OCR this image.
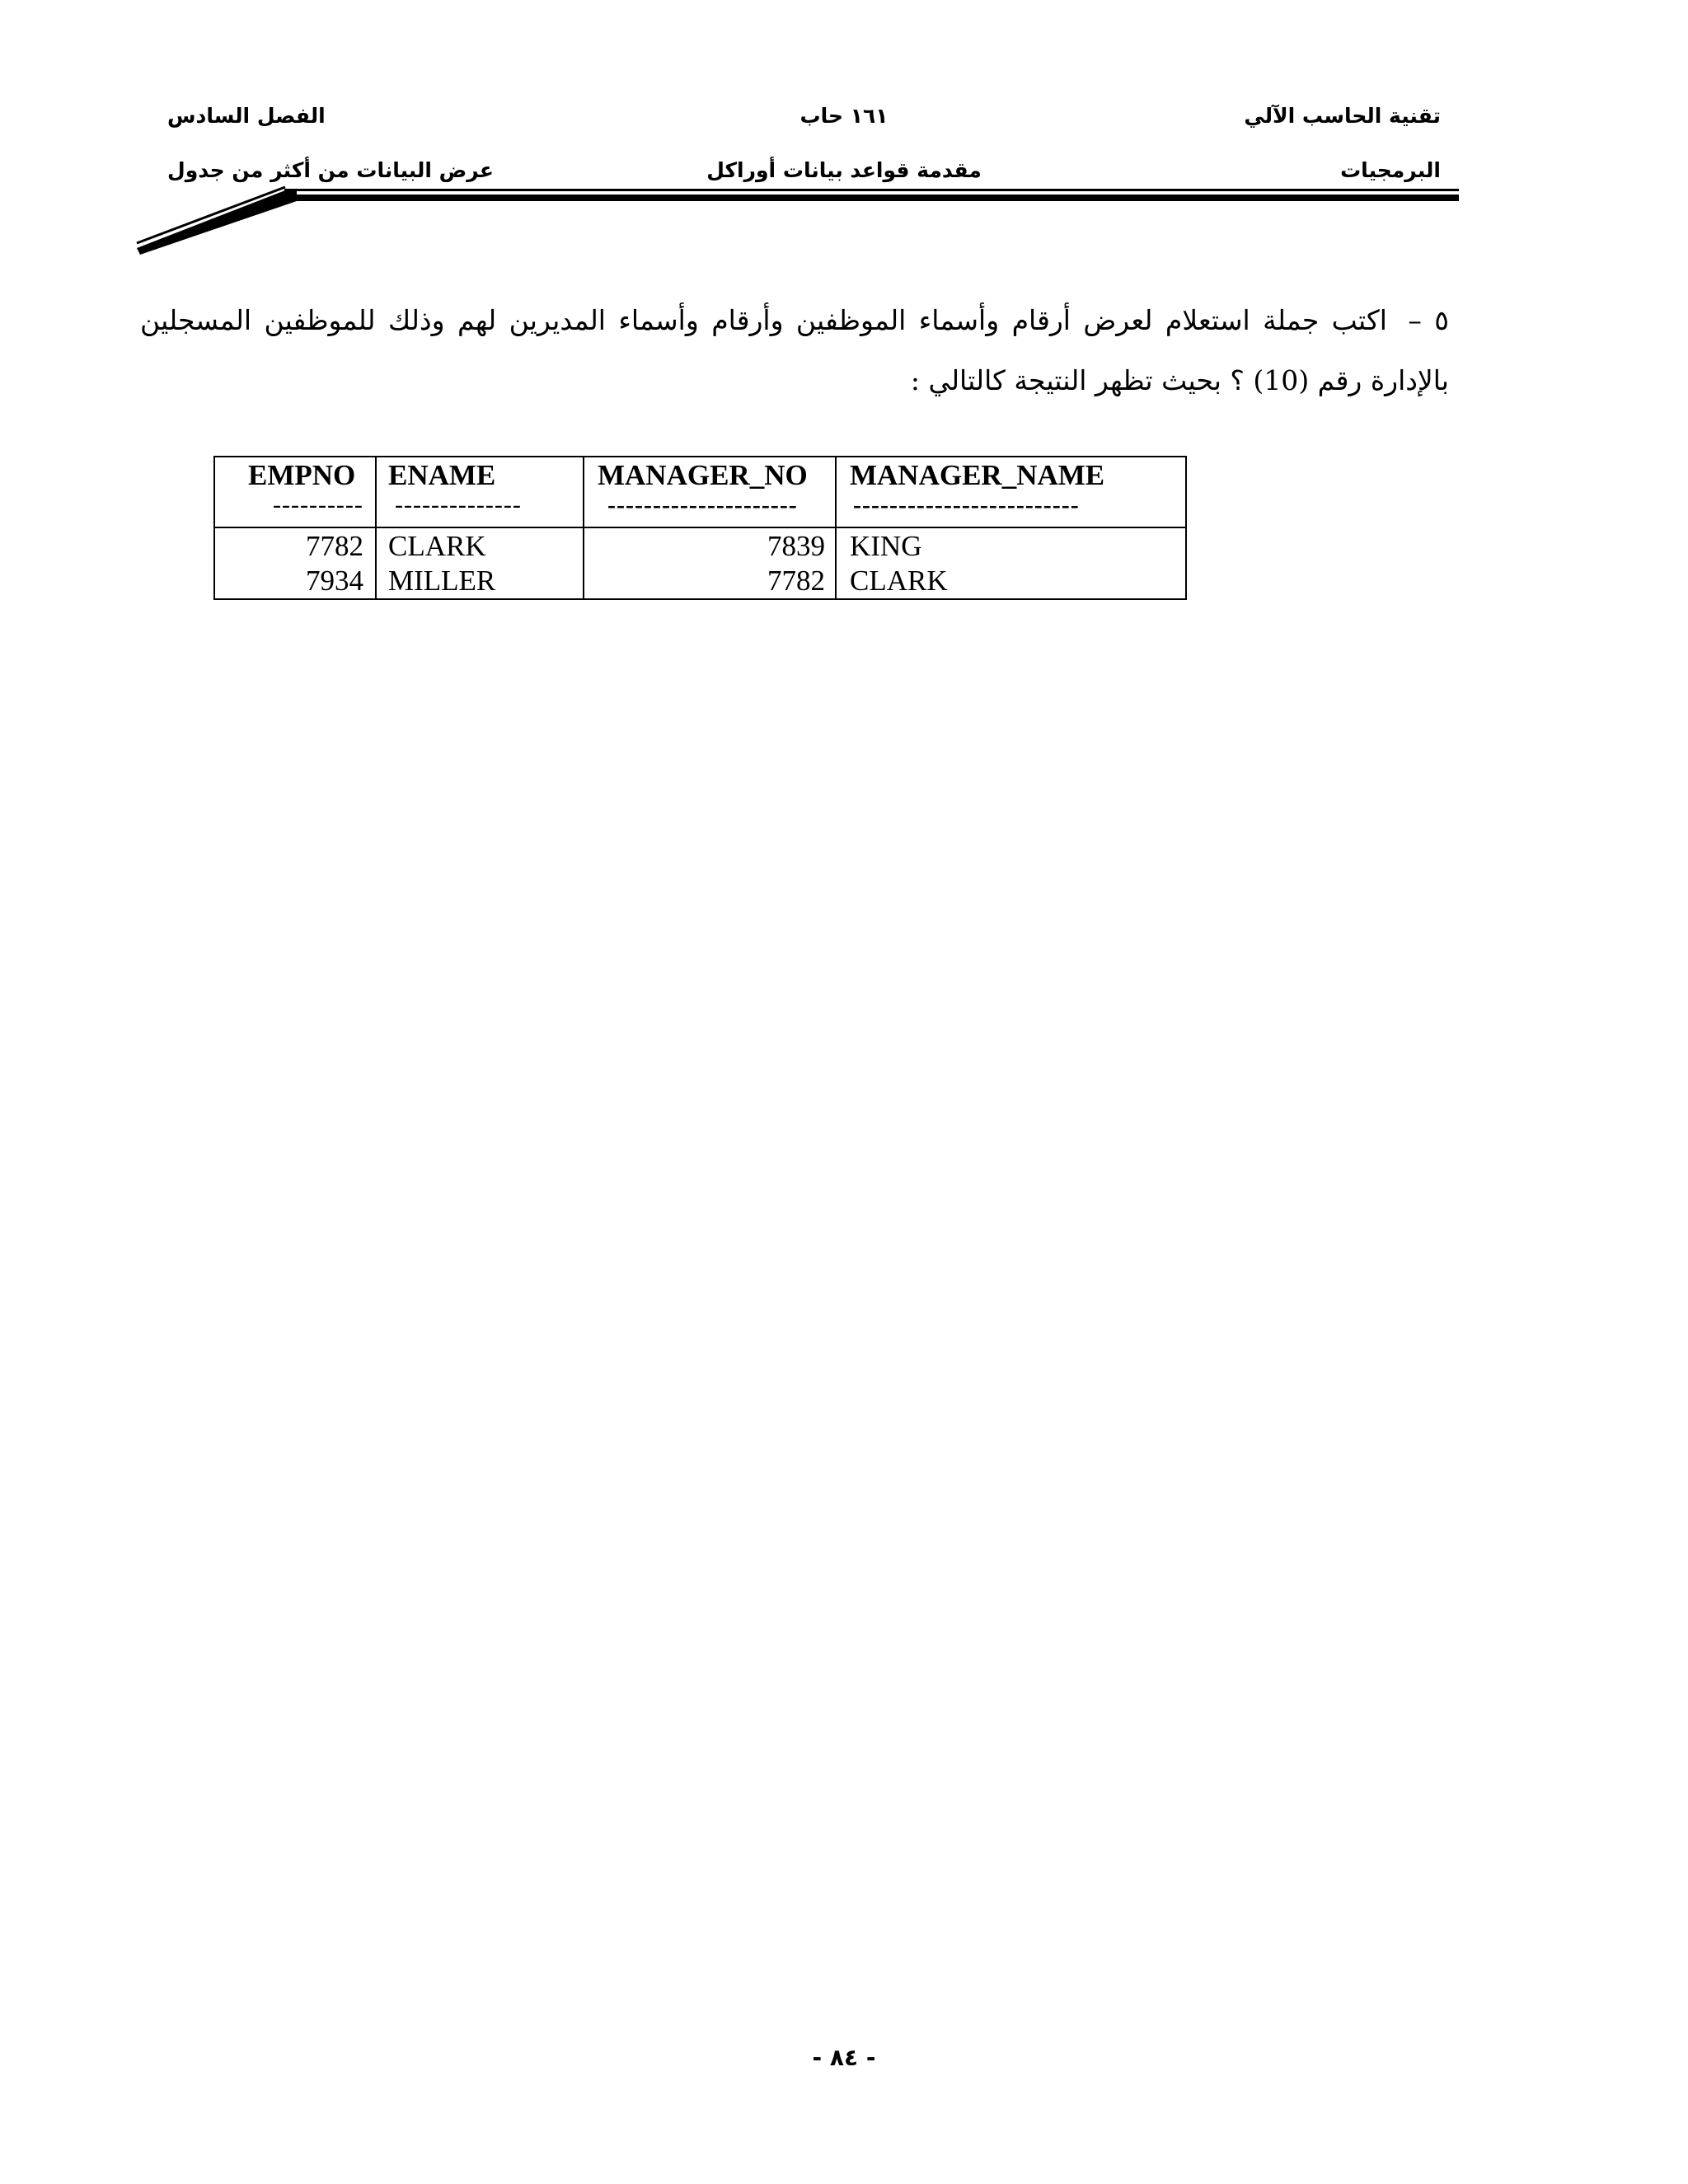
تقنية الحاسب الآلي
١٦١ حاب
الفصل السادس
البرمجيات
مقدمة قواعد بيانات أوراكل
عرض البيانات من أكثر من جدول
٥ – اكتب جملة استعلام لعرض أرقام وأسماء الموظفين وأرقام وأسماء المديرين لهم وذلك للموظفين المسجلين بالإدارة رقم (10) ؟ بحيث تظهر النتيجة كالتالي :
EMPNO ENAME	MANAGER_NO MANAGER_NAME
---------- --------------	--------------------- -------------------------
7782 CLARK	7839 KING
7934 MILLER	7782 CLARK
- ٨٤ -
